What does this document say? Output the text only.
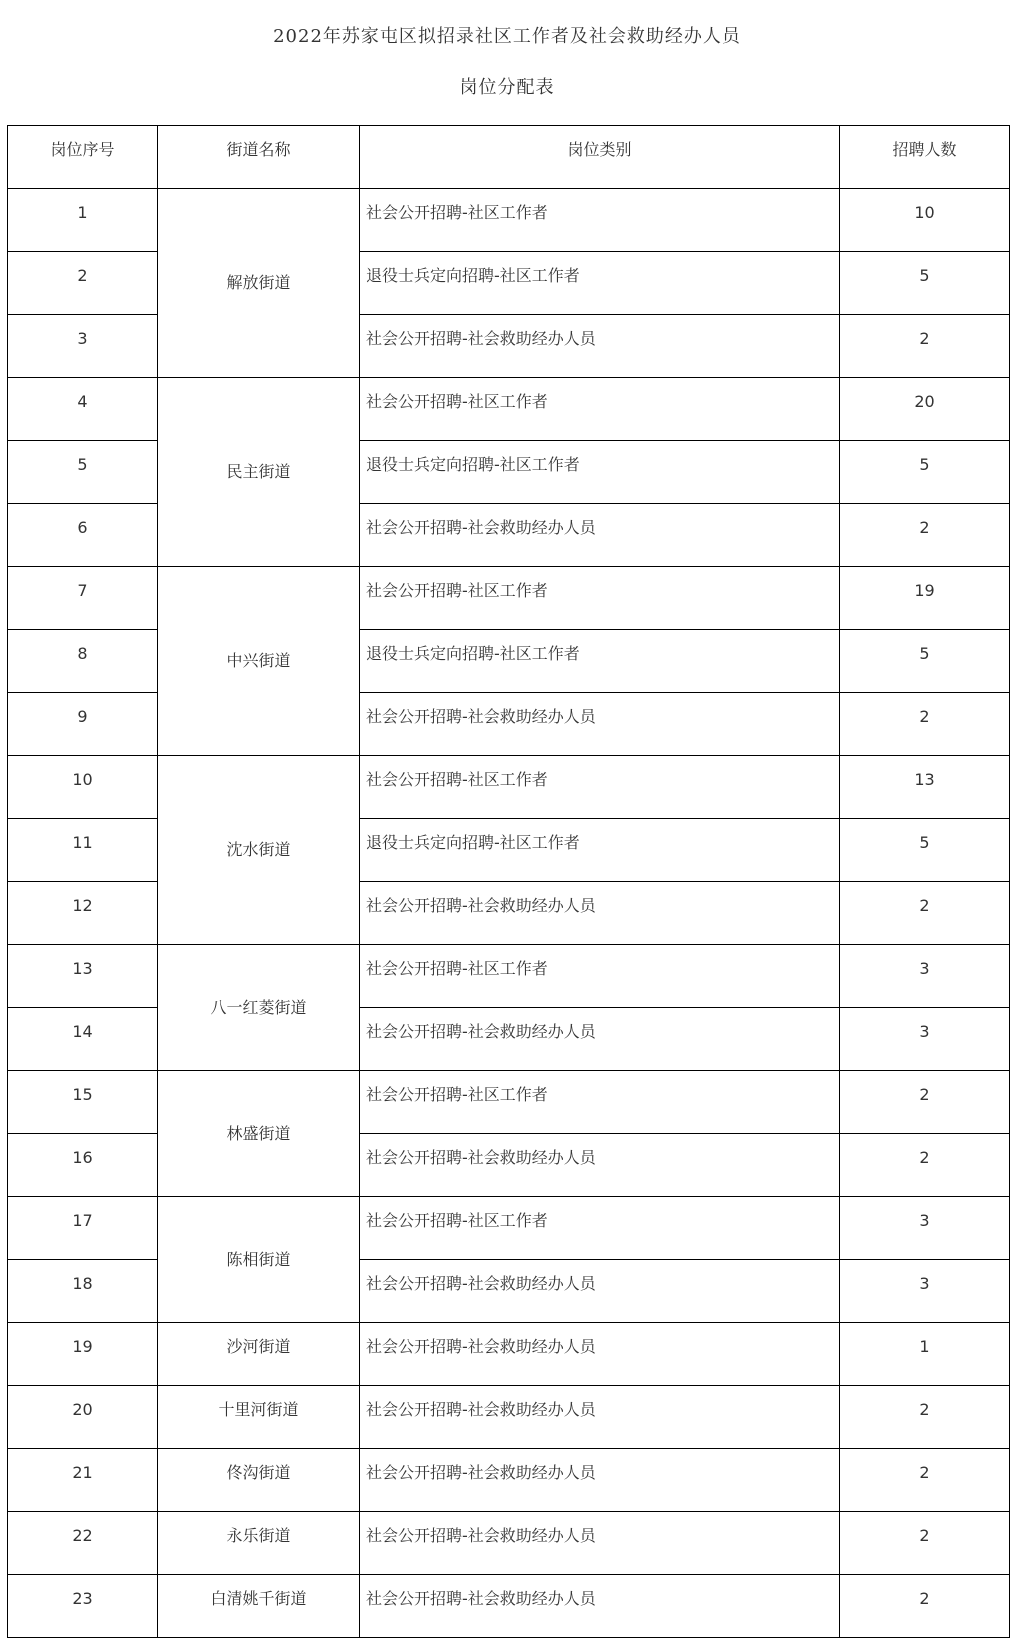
2022年苏家屯区拟招录社区工作者及社会救助经办人员
岗位分配表
岗位序号	街道名称	岗位类别	招聘人数

1	解放街道	社会公开招聘-社区工作者	10

2		退役士兵定向招聘-社区工作者	5

3		社会公开招聘-社会救助经办人员	2

4	民主街道	社会公开招聘-社区工作者	20

5		退役士兵定向招聘-社区工作者	5

6		社会公开招聘-社会救助经办人员	2

7	中兴街道	社会公开招聘-社区工作者	19

8		退役士兵定向招聘-社区工作者	5

9		社会公开招聘-社会救助经办人员	2

10	沈水街道	社会公开招聘-社区工作者	13

11		退役士兵定向招聘-社区工作者	5

12		社会公开招聘-社会救助经办人员	2

13	八一红菱街道	社会公开招聘-社区工作者	3

14		社会公开招聘-社会救助经办人员	3

15	林盛街道	社会公开招聘-社区工作者	2

16		社会公开招聘-社会救助经办人员	2

17	陈相街道	社会公开招聘-社区工作者	3

18		社会公开招聘-社会救助经办人员	3

19	沙河街道	社会公开招聘-社会救助经办人员	1

20	十里河街道	社会公开招聘-社会救助经办人员	2

21	佟沟街道	社会公开招聘-社会救助经办人员	2

22	永乐街道	社会公开招聘-社会救助经办人员	2

23	白清姚千街道	社会公开招聘-社会救助经办人员	2
